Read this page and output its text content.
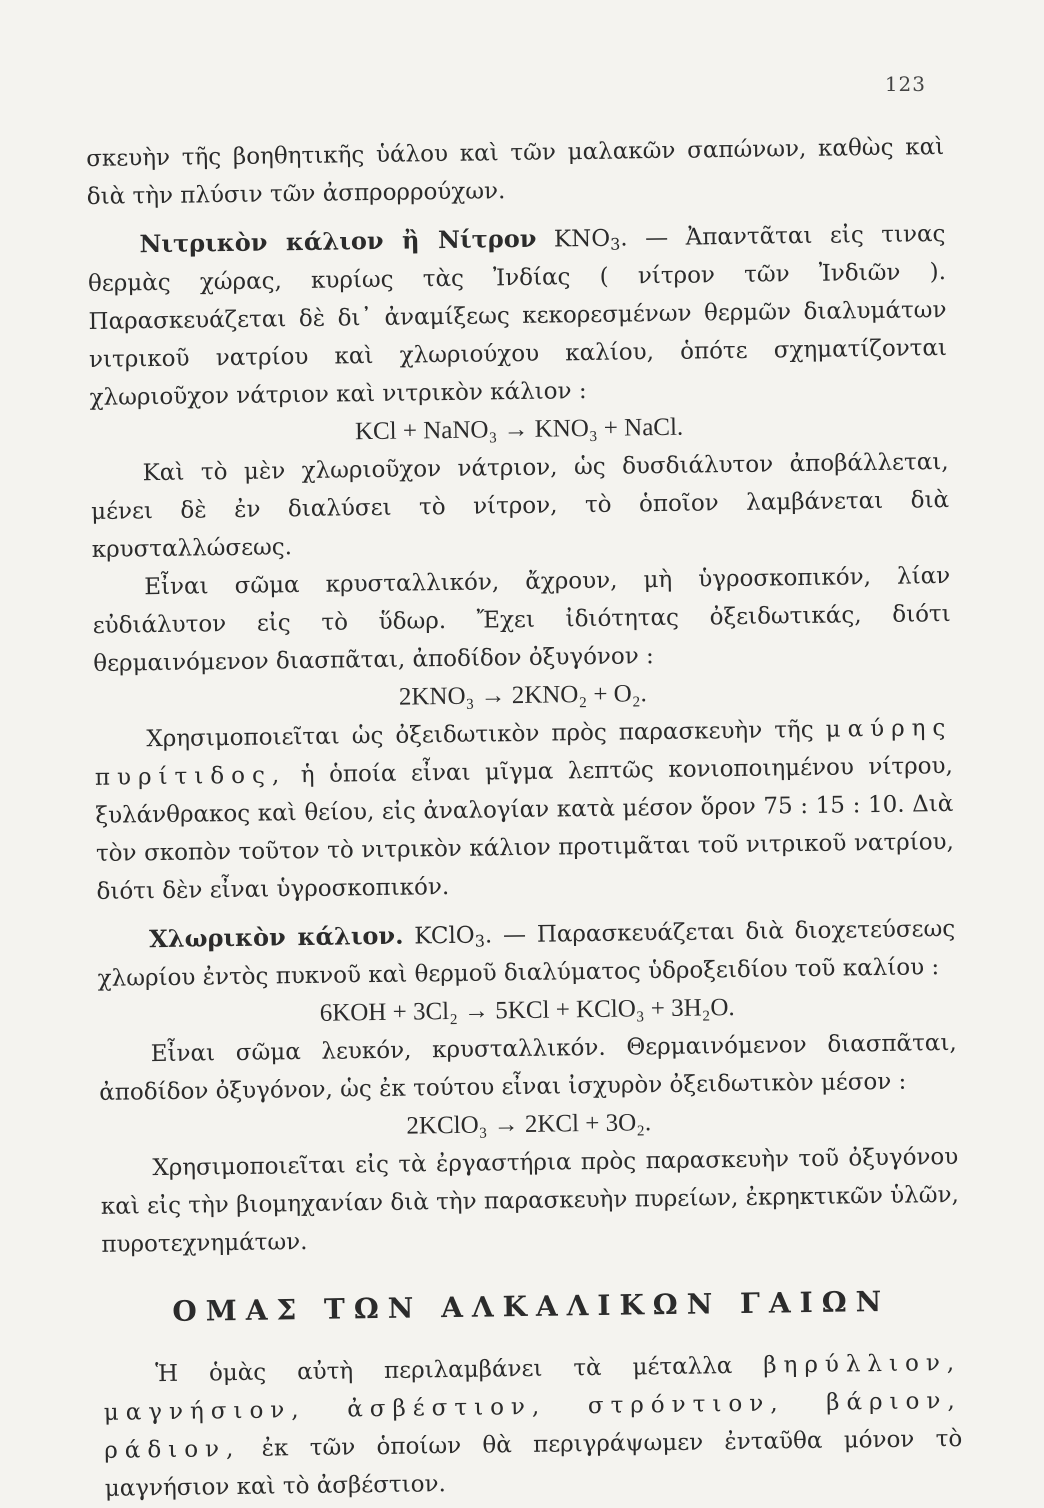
123

σκευὴν τῆς βοηθητικῆς ὑάλου καὶ τῶν μαλακῶν σαπώνων, καθὼς καὶ διὰ τὴν πλύσιν τῶν ἀσπρορρούχων.

Νιτρικὸν κάλιον ἢ Νίτρον $KNO_3$. — Ἀπαντᾶται εἰς τινας θερμὰς χώρας, κυρίως τὰς Ἰνδίας ( νίτρον τῶν Ἰνδιῶν ). Παρασκευάζεται δὲ δι᾽ ἀναμίξεως κεκορεσμένων θερμῶν διαλυμάτων νιτρικοῦ νατρίου καὶ χλωριούχου καλίου, ὁπότε σχηματίζονται χλωριοῦχον νάτριον καὶ νιτρικὸν κάλιον :

KCl + NaNO₃ → KNO₃ + NaCl.

Καὶ τὸ μὲν χλωριοῦχον νάτριον, ὡς δυσδιάλυτον ἀποβάλλεται, μένει δὲ ἐν διαλύσει τὸ νίτρον, τὸ ὁποῖον λαμβάνεται διὰ κρυσταλλώσεως.

Εἶναι σῶμα κρυσταλλικόν, ἄχρουν, μὴ ὑγροσκοπικόν, λίαν εὐδιάλυτον εἰς τὸ ὕδωρ. Ἔχει ἰδιότητας ὀξειδωτικάς, διότι θερμαινόμενον διασπᾶται, ἀποδίδον ὀξυγόνον :

2KNO₃ → 2KNO₂ + O₂.

Χρησιμοποιεῖται ὡς ὀξειδωτικὸν πρὸς παρασκευὴν τῆς μαύρης πυρίτιδος, ἡ ὁποία εἶναι μῖγμα λεπτῶς κονιοποιημένου νίτρου, ξυλάνθρακος καὶ θείου, εἰς ἀναλογίαν κατὰ μέσον ὅρον 75 : 15 : 10. Διὰ τὸν σκοπὸν τοῦτον τὸ νιτρικὸν κάλιον προτιμᾶται τοῦ νιτρικοῦ νατρίου, διότι δὲν εἶναι ὑγροσκοπικόν.

Χλωρικὸν κάλιον. KClO$_3$. — Παρασκευάζεται διὰ διοχετεύσεως χλωρίου ἐντὸς πυκνοῦ καὶ θερμοῦ διαλύματος ὑδροξειδίου τοῦ καλίου :

6KOH + 3Cl₂ → 5KCl + KClO₃ + 3H₂O.

Εἶναι σῶμα λευκόν, κρυσταλλικόν. Θερμαινόμενον διασπᾶται, ἀποδίδον ὀξυγόνον, ὡς ἐκ τούτου εἶναι ἰσχυρὸν ὀξειδωτικὸν μέσον :

2KClO₃ → 2KCl + 3O₂.

Χρησιμοποιεῖται εἰς τὰ ἐργαστήρια πρὸς παρασκευὴν τοῦ ὀξυγόνου καὶ εἰς τὴν βιομηχανίαν διὰ τὴν παρασκευὴν πυρείων, ἐκρηκτικῶν ὑλῶν, πυροτεχνημάτων.

ΟΜΑΣ ΤΩΝ ΑΛΚΑΛΙΚΩΝ ΓΑΙΩΝ

Ἡ ὁμὰς αὐτὴ περιλαμβάνει τὰ μέταλλα βηρύλλιον, μαγνήσιον, ἀσβέστιον, στρόντιον, βάριον, ράδιον, ἐκ τῶν ὁποίων θὰ περιγράψωμεν ἐνταῦθα μόνον τὸ μαγνήσιον καὶ τὸ ἀσβέστιον.
